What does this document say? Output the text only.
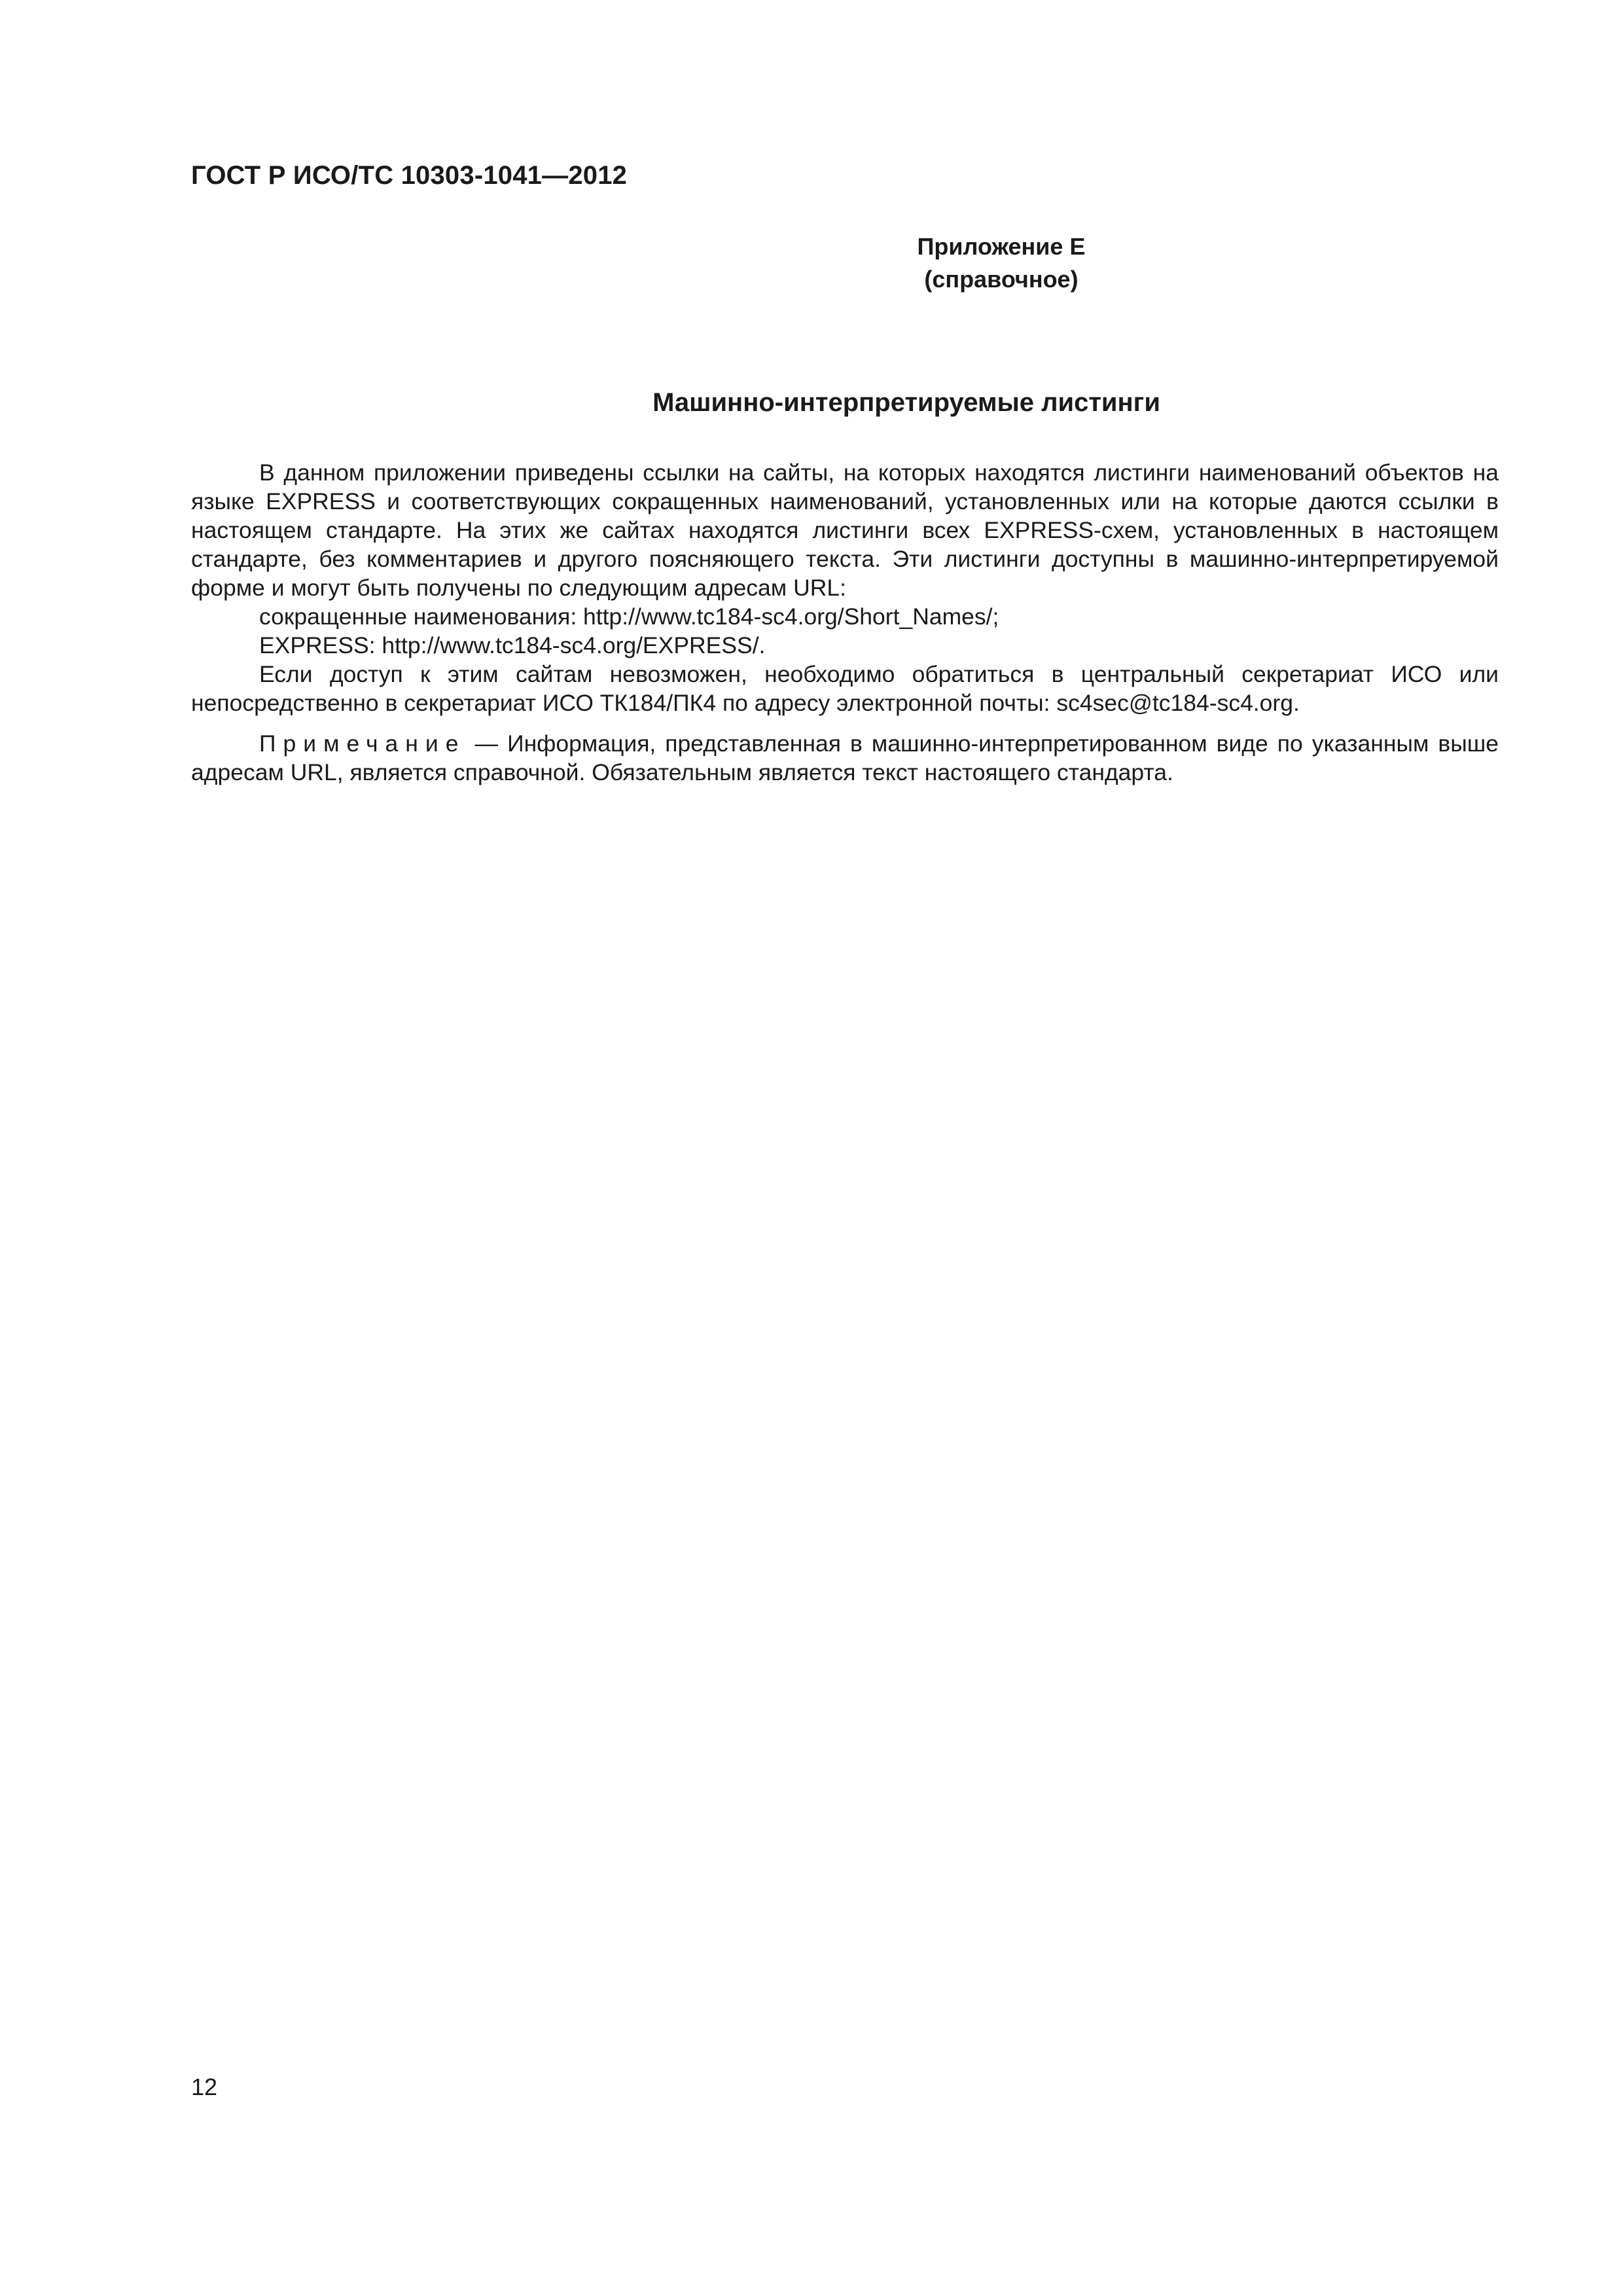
ГОСТ Р ИСО/ТС 10303-1041—2012
Приложение Е
(справочное)
Машинно-интерпретируемые листинги

В данном приложении приведены ссылки на сайты, на которых находятся листинги наименований объектов на языке EXPRESS и соответствующих сокращенных наименований, установленных или на которые даются ссылки в настоящем стандарте. На этих же сайтах находятся листинги всех EXPRESS-схем, установленных в настоящем стандарте, без комментариев и другого поясняющего текста. Эти листинги доступны в машинно-интерпретируемой форме и могут быть получены по следующим адресам URL:

сокращенные наименования: http://www.tc184-sc4.org/Short_Names/;

EXPRESS: http://www.tc184-sc4.org/EXPRESS/.

Если доступ к этим сайтам невозможен, необходимо обратиться в центральный секретариат ИСО или непосредственно в секретариат ИСО ТК184/ПК4 по адресу электронной почты: sc4sec@tc184-sc4.org.

Примечание — Информация, представленная в машинно-интерпретированном виде по указанным выше адресам URL, является справочной. Обязательным является текст настоящего стандарта.

12
